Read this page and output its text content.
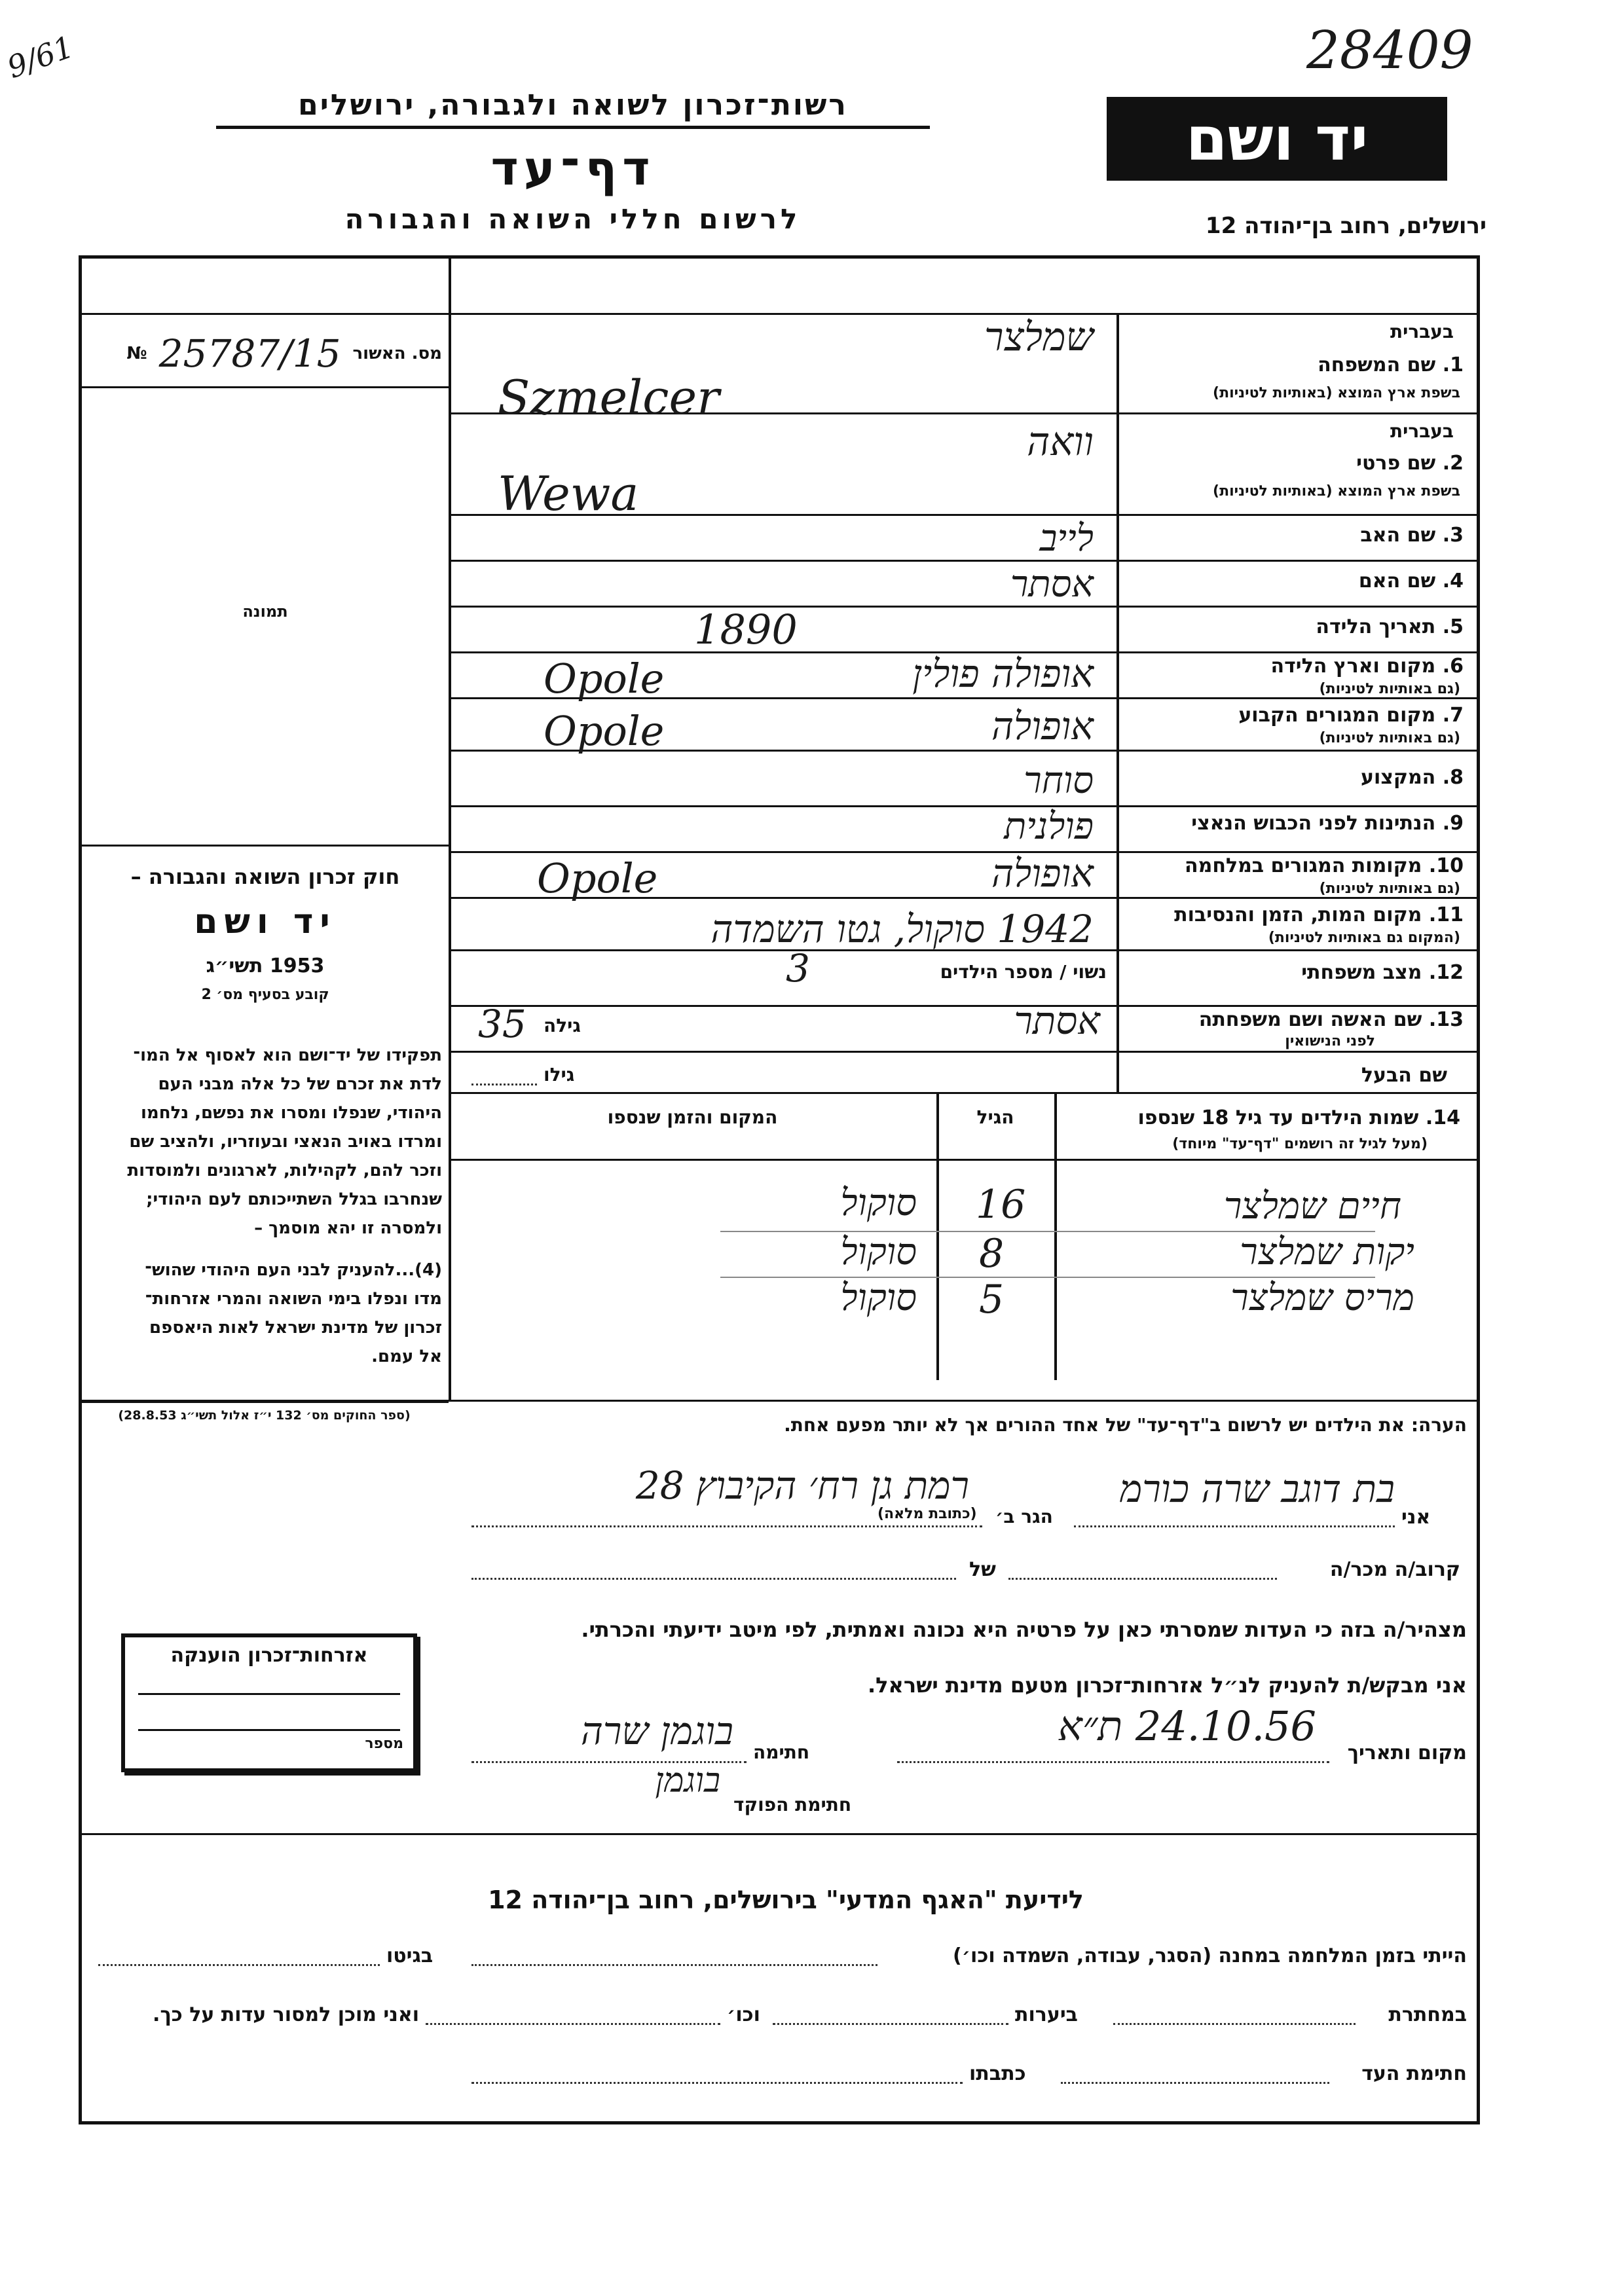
28409
9/61
יד ושם
ירושלים, רחוב בן־יהודה 12
רשות־זכרון לשואה ולגבורה, ירושלים
דף־עד
לרשום חללי השואה והגבורה
מס. האשור
25787/15
№
תמונה
חוק זכרון השואה והגבורה –
יד ושם
1953 תשי״ג
קובע בסעיף מס׳ 2
תפקידו של יד־ושם הוא לאסוף אל המו־
לדת את זכרם של כל אלה מבני העם
היהודי, שנפלו ומסרו את נפשם, נלחמו
ומרדו באויב הנאצי ובעוזריו, ולהציב שם
וזכר להם, לקהילות, לארגונים ולמוסדות
שנחרבו בגלל השתייכותם לעם היהודי;
ולמסרה זו יהא מוסמך –
(4)...להעניק לבני העם היהודי שהוש־
מדו ונפלו בימי השואה והמרי אזרחות־
זכרון של מדינת ישראל לאות היאספם
אל עמם.
(ספר החוקים מס׳ 132 י״ז אלול תשי״ג 28.8.53)
בעברית
1. שם המשפחה
בשפת ארץ המוצא (באותיות לטיניות)
שמלצר
Szmelcer
בעברית
2. שם פרטי
בשפת ארץ המוצא (באותיות לטיניות)
וואה
Wewa
3. שם האב
לייב
4. שם האם
אסתר
5. תאריך הלידה
1890
6. מקום וארץ הלידה
(גם באותיות לטיניות)
אופולה פולין
Opole
7. מקום המגורים הקבוע
(גם באותיות לטיניות)
אופולה
Opole
8. המקצוע
סוחר
9. הנתינות לפני הכבוש הנאצי
פולנית
10. מקומות המגורים במלחמה
(גם באותיות לטיניות)
אופולה
Opole
11. מקום המות, הזמן והנסיבות
(המקום גם באותיות לטיניות)
1942 סוקול, גטו השמדה
12. מצב משפחתי
נשוי / מספר הילדים
3
13. שם האשה ושם משפחתה
לפני הנישואין
אסתר
גילה
35
שם הבעל
גילו
14. שמות הילדים עד גיל 18 שנספו
(מעל לגיל זה רושמים "דף־עד" מיוחד)
הגיל
המקום והזמן שנספו
חיים שמלצר
16
סוקול
יקות שמלצר
8
סוקול
מריס שמלצר
5
סוקול
הערה: את הילדים יש לרשום ב"דף־עד" של אחד ההורים אך לא יותר מפעם אחת.
אני
בת דוגב שרה כורמ
הגר ב׳
(כתובת מלאה)
רמת גן רח׳ הקיבוץ 28
קרוב/ה מכר/ה
של
מצהיר/ה בזה כי העדות שמסרתי כאן על פרטיה היא נכונה ואמתית, לפי מיטב ידיעתי והכרתי.
אני מבקש/ת להעניק לנ״ל אזרחות־זכרון מטעם מדינת ישראל.
מקום ותאריך
24.10.56 ת״א
חתימה
בוגמן שרה
חתימת הפוקד
בוגמן
אזרחות־זכרון הוענקה
מספר
לידיעת "האגף המדעי" בירושלים, רחוב בן־יהודה 12
הייתי בזמן המלחמה במחנה (הסגר, עבודה, השמדה וכו׳)
בגיטו
במחתרת
ביערות
וכו׳
ואני מוכן למסור עדות על כך.
חתימת העד
כתבתו
